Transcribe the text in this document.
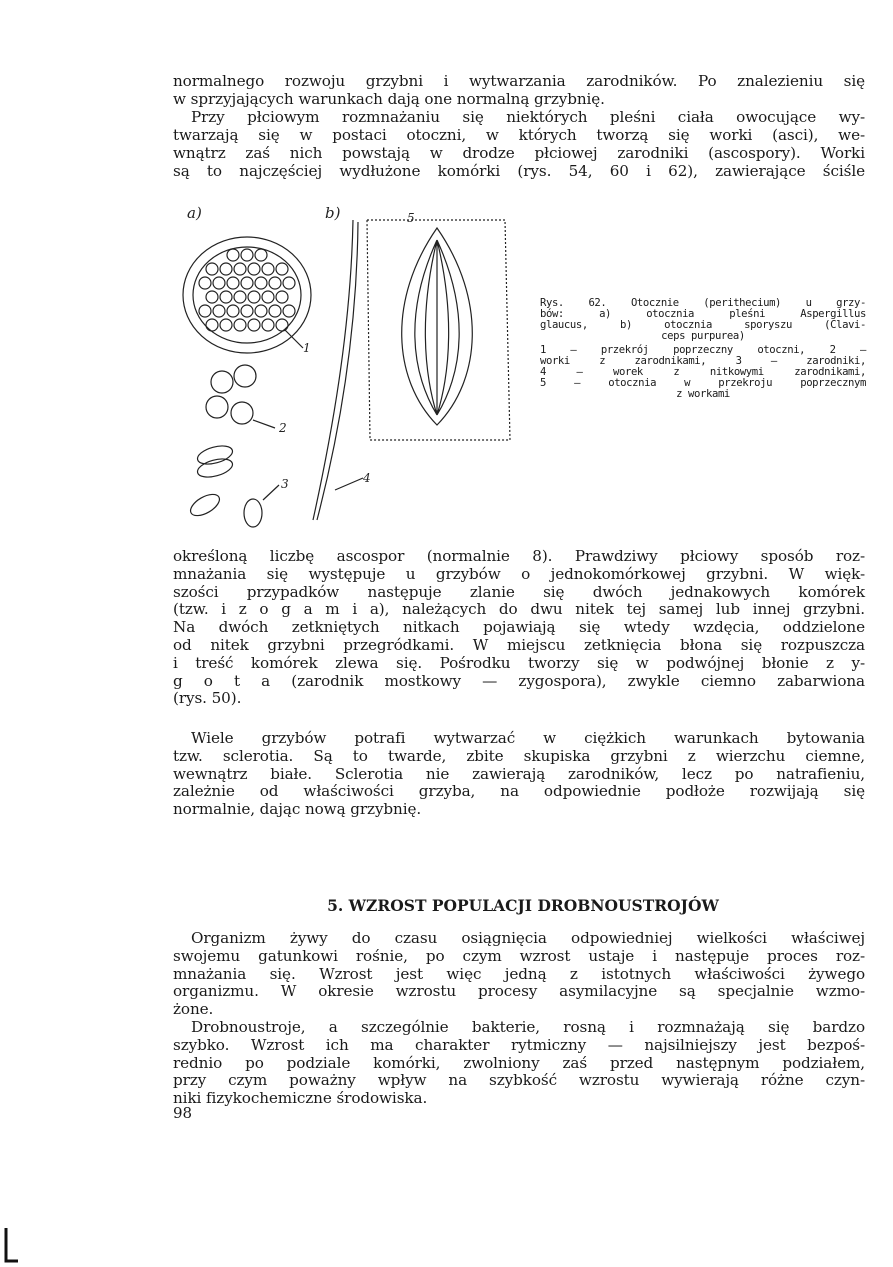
normalnego rozwoju grzybni i wytwarzania zarodników. Po znalezieniu się
w sprzyjających warunkach dają one normalną grzybnię.
Przy płciowym rozmnażaniu się niektórych pleśni ciała owocujące wy-
twarzają się w postaci otoczni, w których tworzą się worki (asci), we-
wnątrz zaś nich powstają w drodze płciowej zarodniki (ascospory). Worki
są to najczęściej wydłużone komórki (rys. 54, 60 i 62), zawierające ściśle
a)	b)
1
2
3	4
5
Rys. 62. Otocznie (perithecium) u grzy-
bów: a) otocznia pleśni Aspergillus
glaucus, b) otocznia sporyszu (Clavi-
ceps purpurea)
1 — przekrój poprzeczny otoczni, 2 —
worki z zarodnikami, 3 — zarodniki,
4 — worek z nitkowymi zarodnikami,
5 — otocznia w przekroju poprzecznym
z workami
określoną liczbę ascospor (normalnie 8). Prawdziwy płciowy sposób roz-
mnażania się występuje u grzybów o jednokomórkowej grzybni. W więk-
szości przypadków następuje zlanie się dwóch jednakowych komórek
(tzw. i z o g a m i a), należących do dwu nitek tej samej lub innej grzybni.
Na dwóch zetkniętych nitkach pojawiają się wtedy wzdęcia, oddzielone
od nitek grzybni przegródkami. W miejscu zetknięcia błona się rozpuszcza
i treść komórek zlewa się. Pośrodku tworzy się w podwójnej błonie z y-
g o t a (zarodnik mostkowy — zygospora), zwykle ciemno zabarwiona
(rys. 50).
Wiele grzybów potrafi wytwarzać w ciężkich warunkach bytowania
tzw. sclerotia. Są to twarde, zbite skupiska grzybni z wierzchu ciemne,
wewnątrz białe. Sclerotia nie zawierają zarodników, lecz po natrafieniu,
zależnie od właściwości grzyba, na odpowiednie podłoże rozwijają się
normalnie, dając nową grzybnię.
5. WZROST POPULACJI DROBNOUSTROJÓW
Organizm żywy do czasu osiągnięcia odpowiedniej wielkości właściwej
swojemu gatunkowi rośnie, po czym wzrost ustaje i następuje proces roz-
mnażania się. Wzrost jest więc jedną z istotnych właściwości żywego
organizmu. W okresie wzrostu procesy asymilacyjne są specjalnie wzmo-
żone.
Drobnoustroje, a szczególnie bakterie, rosną i rozmnażają się bardzo
szybko. Wzrost ich ma charakter rytmiczny — najsilniejszy jest bezpoś-
rednio po podziale komórki, zwolniony zaś przed następnym podziałem,
przy czym poważny wpływ na szybkość wzrostu wywierają różne czyn-
niki fizykochemiczne środowiska.
98
